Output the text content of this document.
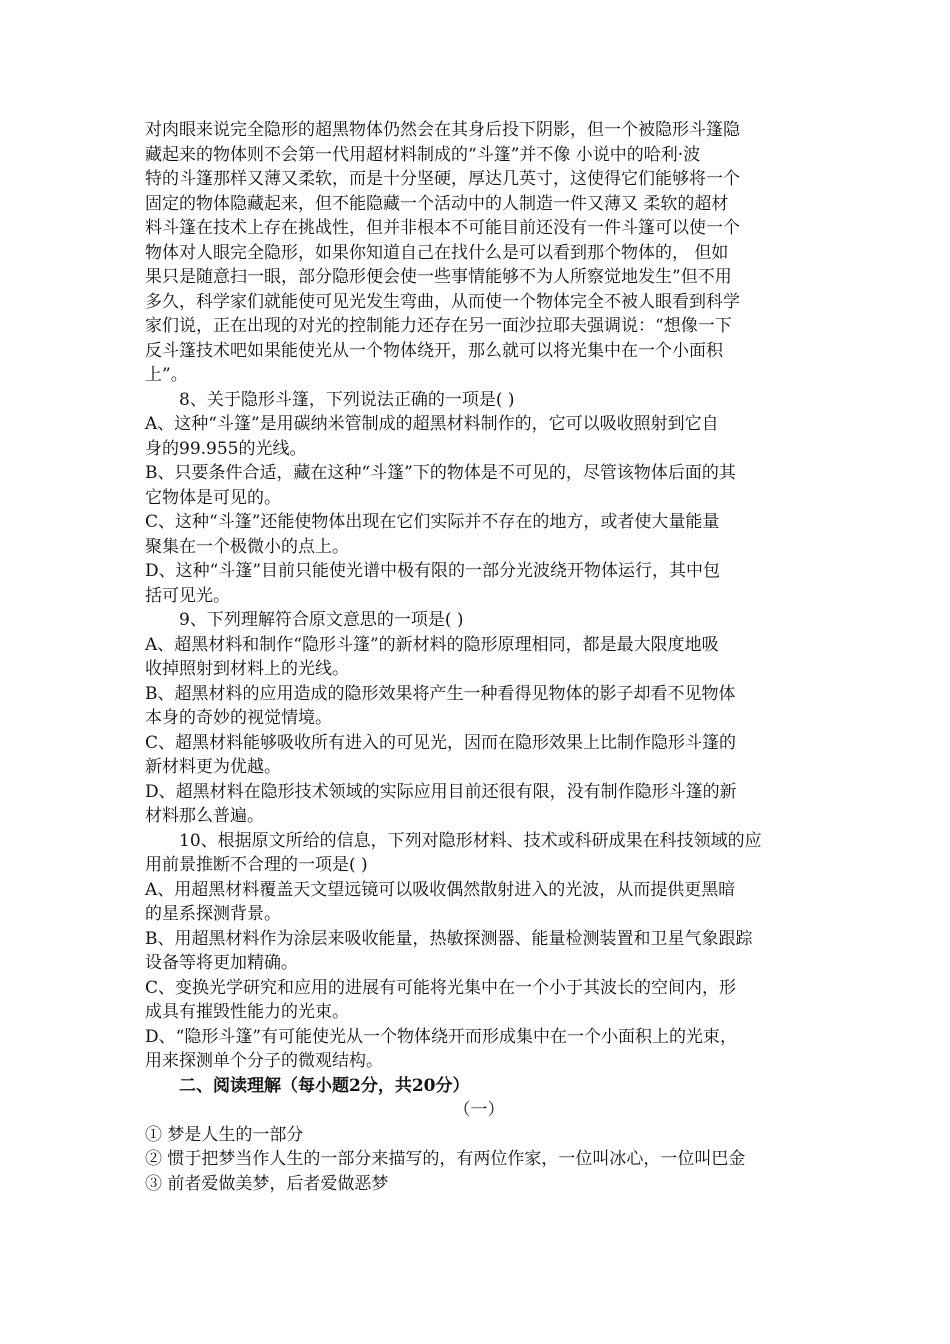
对肉眼来说完全隐形的超黑物体仍然会在其身后投下阴影，但一个被隐形斗篷隐
藏起来的物体则不会第一代用超材料制成的“斗篷”并不像 小说中的哈利·波
特的斗篷那样又薄又柔软，而是十分坚硬，厚达几英寸，这使得它们能够将一个
固定的物体隐藏起来，但不能隐藏一个活动中的人制造一件又薄又 柔软的超材
料斗篷在技术上存在挑战性，但并非根本不可能目前还没有一件斗篷可以使一个
物体对人眼完全隐形，如果你知道自己在找什么是可以看到那个物体的， 但如
果只是随意扫一眼，部分隐形便会使一些事情能够不为人所察觉地发生”但不用
多久，科学家们就能使可见光发生弯曲，从而使一个物体完全不被人眼看到科学
家们说，正在出现的对光的控制能力还存在另一面沙拉耶夫强调说：“想像一下
反斗篷技术吧如果能使光从一个物体绕开，那么就可以将光集中在一个小面积
上”。
8、关于隐形斗篷，下列说法正确的一项是( )
A、这种“斗篷”是用碳纳米管制成的超黑材料制作的，它可以吸收照射到它自
身的99.955的光线。
B、只要条件合适，藏在这种“斗篷”下的物体是不可见的，尽管该物体后面的其
它物体是可见的。
C、这种“斗篷”还能使物体出现在它们实际并不存在的地方，或者使大量能量
聚集在一个极微小的点上。
D、这种“斗篷”目前只能使光谱中极有限的一部分光波绕开物体运行，其中包
括可见光。
9、下列理解符合原文意思的一项是( )
A、超黑材料和制作“隐形斗篷”的新材料的隐形原理相同，都是最大限度地吸
收掉照射到材料上的光线。
B、超黑材料的应用造成的隐形效果将产生一种看得见物体的影子却看不见物体
本身的奇妙的视觉情境。
C、超黑材料能够吸收所有进入的可见光，因而在隐形效果上比制作隐形斗篷的
新材料更为优越。
D、超黑材料在隐形技术领域的实际应用目前还很有限，没有制作隐形斗篷的新
材料那么普遍。
10、根据原文所给的信息，下列对隐形材料、技术或科研成果在科技领域的应
用前景推断不合理的一项是( )
A、用超黑材料覆盖天文望远镜可以吸收偶然散射进入的光波，从而提供更黑暗
的星系探测背景。
B、用超黑材料作为涂层来吸收能量，热敏探测器、能量检测装置和卫星气象跟踪
设备等将更加精确。
C、变换光学研究和应用的进展有可能将光集中在一个小于其波长的空间内，形
成具有摧毁性能力的光束。
D、“隐形斗篷”有可能使光从一个物体绕开而形成集中在一个小面积上的光束，
用来探测单个分子的微观结构。
二、阅读理解（每小题2分，共20分）
（一）
① 梦是人生的一部分
② 惯于把梦当作人生的一部分来描写的，有两位作家，一位叫冰心，一位叫巴金
③ 前者爱做美梦，后者爱做恶梦
